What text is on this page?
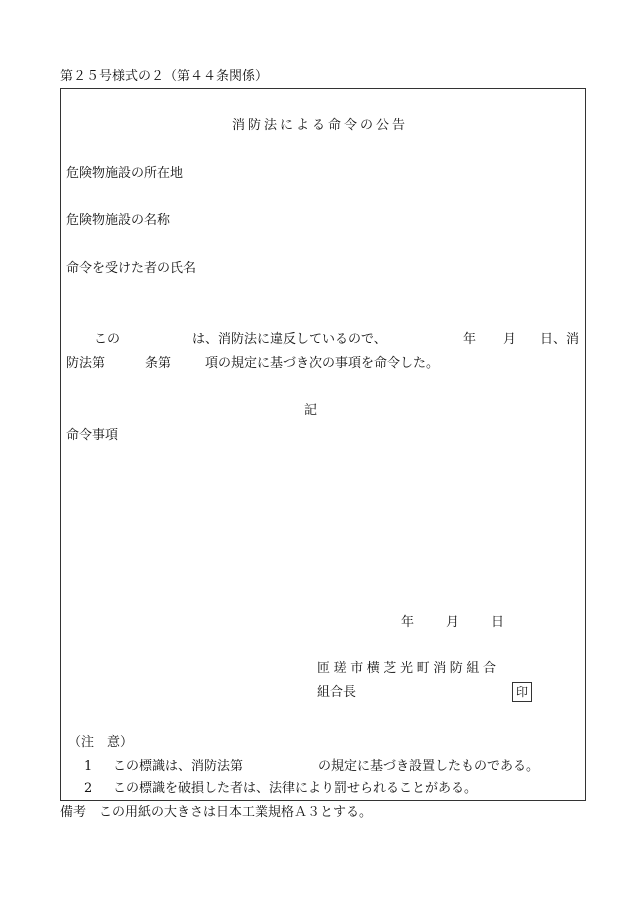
第２５号様式の２（第４４条関係）
消防法による命令の公告
危険物施設の所在地
危険物施設の名称
命令を受けた者の氏名
この	は、消防法に違反しているので、	年 月 日、消
防法第	条第	項の規定に基づき次の事項を命令した。
記
命令事項
年 月 日
匝瑳市横芝光町消防組合
組合長	印
（注　意）
1 この標識は、消防法第	の規定に基づき設置したものである。
2 この標識を破損した者は、法律により罰せられることがある。
備考　この用紙の大きさは日本工業規格Ａ３とする。
